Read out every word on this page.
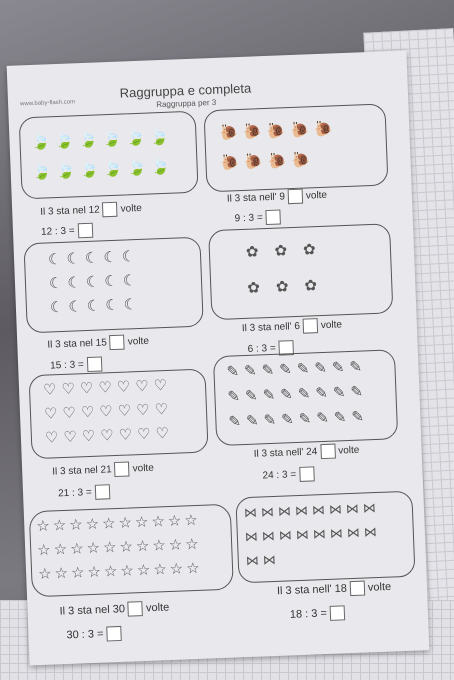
www.baby-flash.com
Raggruppa e completa
Raggruppa per 3
🍃 🍃 🍃 🍃 🍃 🍃
🍃 🍃 🍃 🍃 🍃 🍃
🐌 🐌 🐌 🐌 🐌
🐌 🐌 🐌 🐌
Il 3 sta nel 12 volte
12 : 3 =
Il 3 sta nell' 9 volte
9 : 3 =
☾ ☾ ☾ ☾ ☾
☾ ☾ ☾ ☾ ☾
☾ ☾ ☾ ☾ ☾
✿ ✿ ✿
✿ ✿ ✿
Il 3 sta nel 15 volte
15 : 3 =
Il 3 sta nell' 6 volte
6 : 3 =
♡ ♡ ♡ ♡ ♡ ♡ ♡
♡ ♡ ♡ ♡ ♡ ♡ ♡
♡ ♡ ♡ ♡ ♡ ♡ ♡
✎ ✎ ✎ ✎ ✎ ✎ ✎ ✎
✎ ✎ ✎ ✎ ✎ ✎ ✎ ✎
✎ ✎ ✎ ✎ ✎ ✎ ✎ ✎
Il 3 sta nel 21 volte
21 : 3 =
Il 3 sta nell' 24 volte
24 : 3 =
☆ ☆ ☆ ☆ ☆ ☆ ☆ ☆ ☆ ☆
☆ ☆ ☆ ☆ ☆ ☆ ☆ ☆ ☆ ☆
☆ ☆ ☆ ☆ ☆ ☆ ☆ ☆ ☆ ☆
⋈ ⋈ ⋈ ⋈ ⋈ ⋈ ⋈ ⋈
⋈ ⋈ ⋈ ⋈ ⋈ ⋈ ⋈ ⋈
⋈ ⋈
Il 3 sta nel 30 volte
30 : 3 =
Il 3 sta nell' 18 volte
18 : 3 =
